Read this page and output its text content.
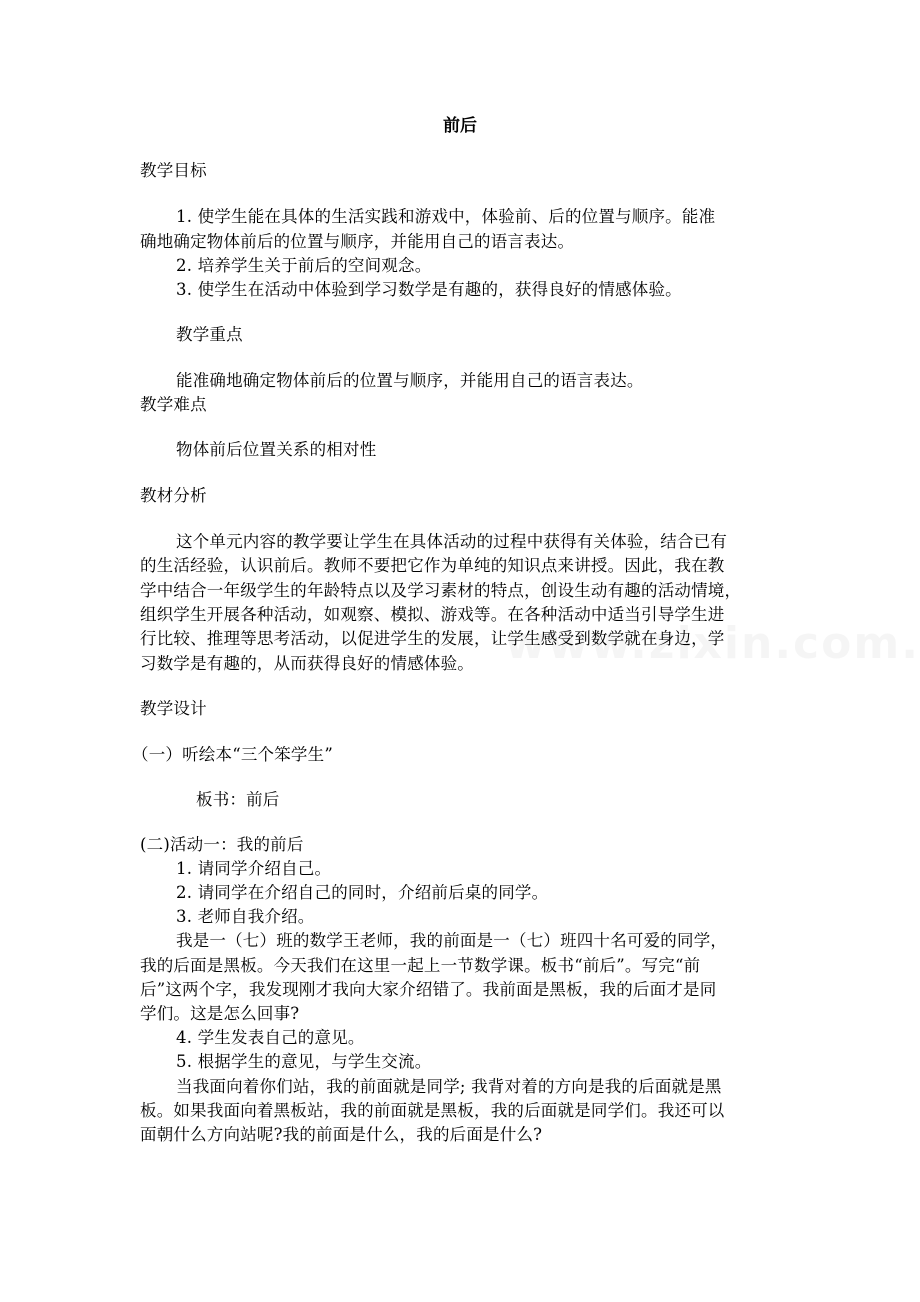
前后
教学目标
1. 使学生能在具体的生活实践和游戏中，体验前、后的位置与顺序。能准
确地确定物体前后的位置与顺序，并能用自己的语言表达。
2. 培养学生关于前后的空间观念。
3. 使学生在活动中体验到学习数学是有趣的，获得良好的情感体验。
教学重点
能准确地确定物体前后的位置与顺序，并能用自己的语言表达。
教学难点
物体前后位置关系的相对性
教材分析
这个单元内容的教学要让学生在具体活动的过程中获得有关体验，结合已有
的生活经验，认识前后。教师不要把它作为单纯的知识点来讲授。因此，我在教
学中结合一年级学生的年龄特点以及学习素材的特点，创设生动有趣的活动情境，
组织学生开展各种活动，如观察、模拟、游戏等。在各种活动中适当引导学生进
行比较、推理等思考活动，以促进学生的发展，让学生感受到数学就在身边，学
习数学是有趣的，从而获得良好的情感体验。
教学设计
（一）听绘本“三个笨学生”
板书：前后
(二)活动一：我的前后
1. 请同学介绍自己。
2. 请同学在介绍自己的同时，介绍前后桌的同学。
3. 老师自我介绍。
我是一（七）班的数学王老师，我的前面是一（七）班四十名可爱的同学，
我的后面是黑板。今天我们在这里一起上一节数学课。板书“前后”。写完“前
后”这两个字，我发现刚才我向大家介绍错了。我前面是黑板，我的后面才是同
学们。这是怎么回事?
4. 学生发表自己的意见。
5. 根据学生的意见，与学生交流。
当我面向着你们站，我的前面就是同学; 我背对着的方向是我的后面就是黑
板。如果我面向着黑板站，我的前面就是黑板，我的后面就是同学们。我还可以
面朝什么方向站呢?我的前面是什么，我的后面是什么?
